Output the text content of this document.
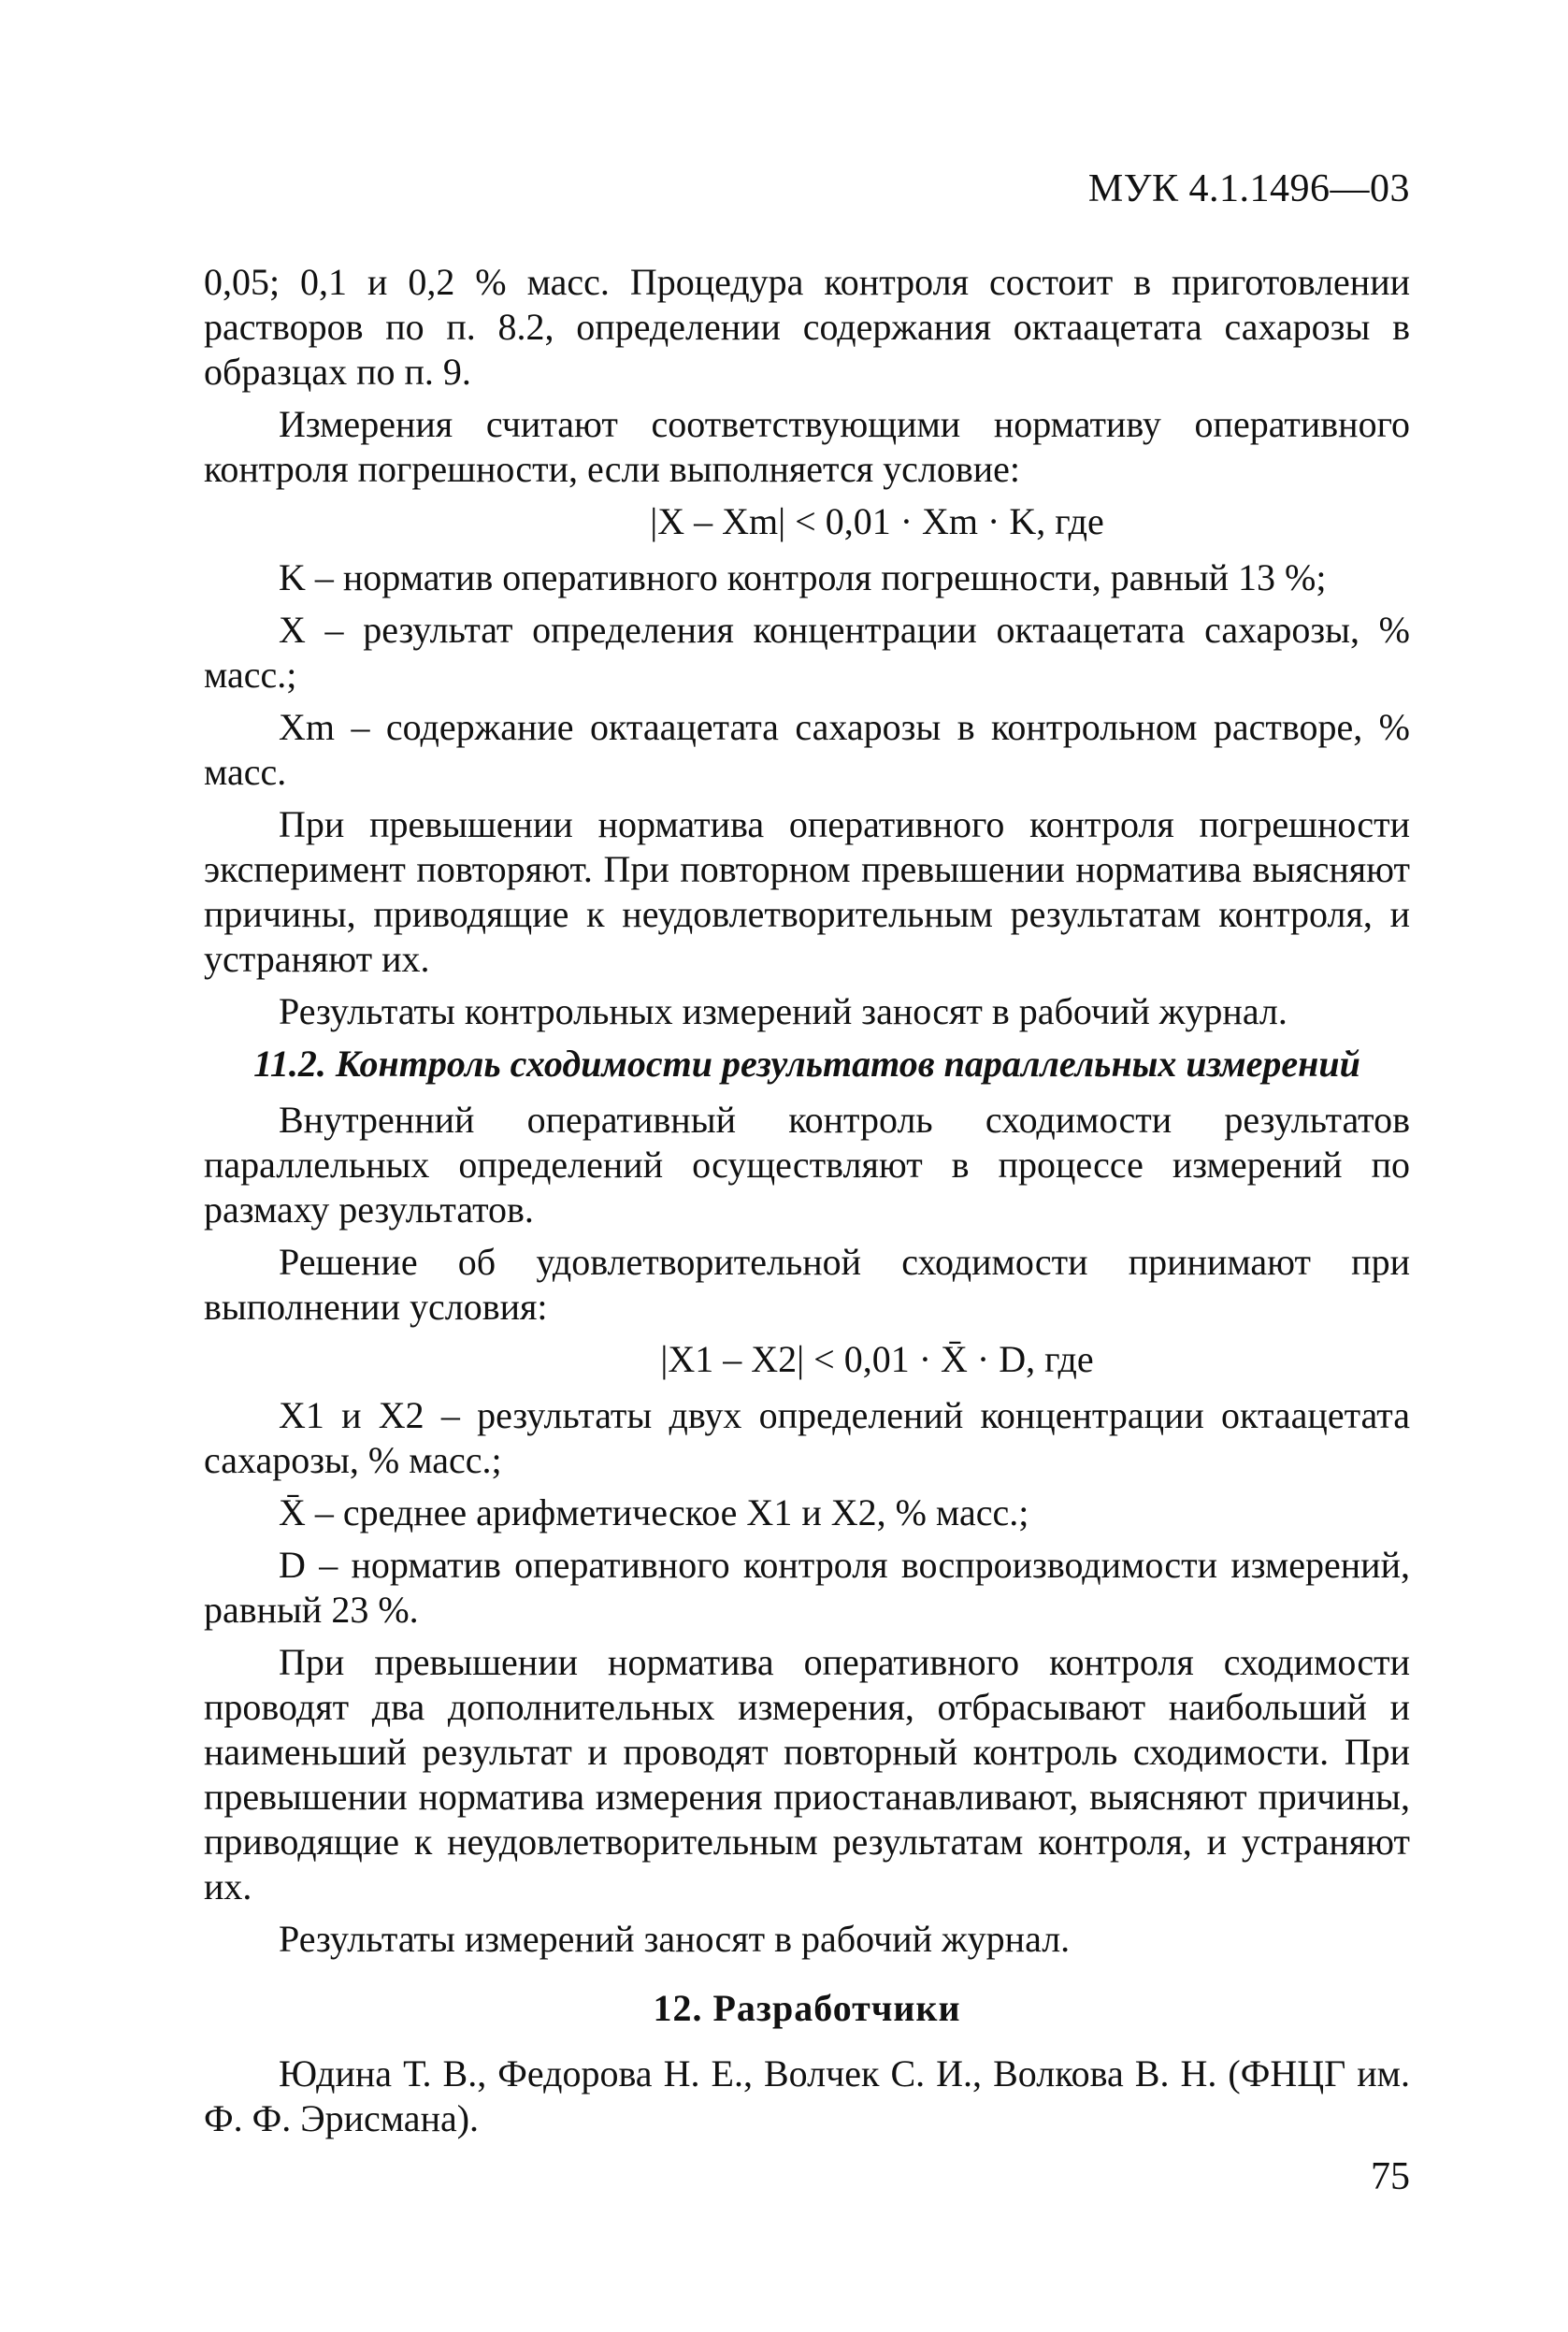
МУК 4.1.1496—03

0,05; 0,1 и 0,2 % масс. Процедура контроля состоит в приготовлении растворов по п. 8.2, определении содержания октаацетата сахарозы в образцах по п. 9.

Измерения считают соответствующими нормативу оперативного контроля погрешности, если выполняется условие:

|X – Xm| < 0,01 · Xm · K, где

K – норматив оперативного контроля погрешности, равный 13 %;

X – результат определения концентрации октаацетата сахарозы, % масс.;

Xm – содержание октаацетата сахарозы в контрольном растворе, % масс.

При превышении норматива оперативного контроля погрешности эксперимент повторяют. При повторном превышении норматива выясняют причины, приводящие к неудовлетворительным результатам контроля, и устраняют их.

Результаты контрольных измерений заносят в рабочий журнал.

11.2. Контроль сходимости результатов параллельных измерений

Внутренний оперативный контроль сходимости результатов параллельных определений осуществляют в процессе измерений по размаху результатов.

Решение об удовлетворительной сходимости принимают при выполнении условия:

|X1 – X2| < 0,01 · X̄ · D, где

X1 и X2 – результаты двух определений концентрации октаацетата сахарозы, % масс.;

X̄ – среднее арифметическое X1 и X2, % масс.;

D – норматив оперативного контроля воспроизводимости измерений, равный 23 %.

При превышении норматива оперативного контроля сходимости проводят два дополнительных измерения, отбрасывают наибольший и наименьший результат и проводят повторный контроль сходимости. При превышении норматива измерения приостанавливают, выясняют причины, приводящие к неудовлетворительным результатам контроля, и устраняют их.

Результаты измерений заносят в рабочий журнал.

12. Разработчики

Юдина Т. В., Федорова Н. Е., Волчек С. И., Волкова В. Н. (ФНЦГ им. Ф. Ф. Эрисмана).

75
